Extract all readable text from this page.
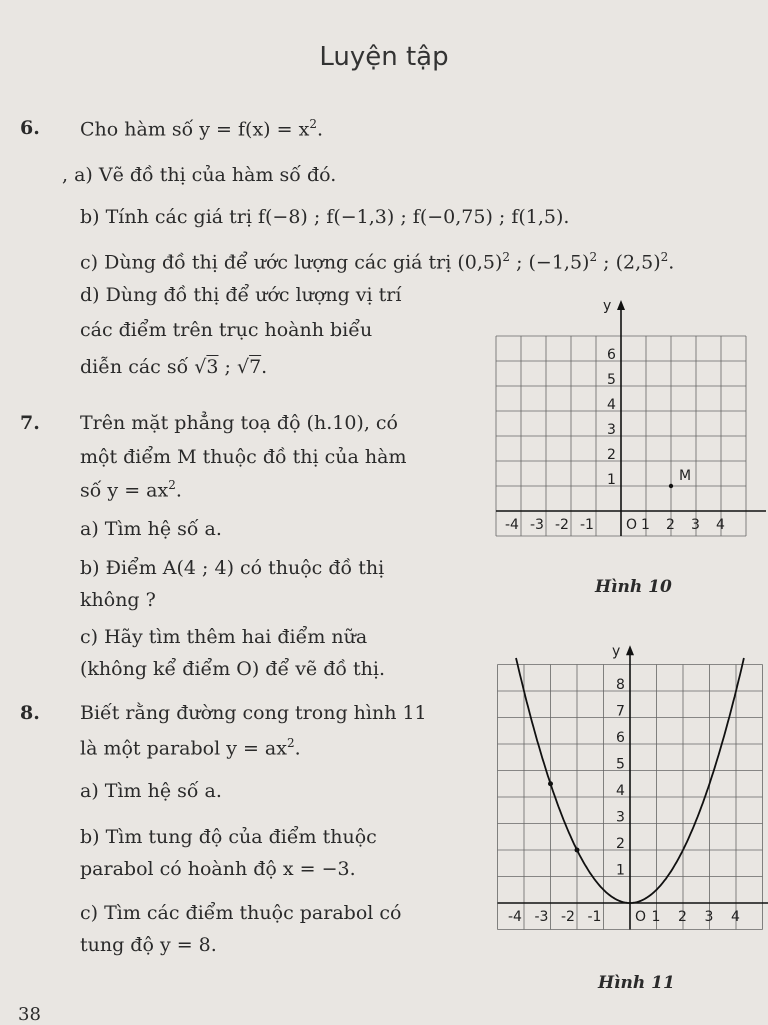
Luyện tập
6. Cho hàm số $y = f(x) = x^2$.
, a) Vẽ đồ thị của hàm số đó.
b) Tính các giá trị f(−8) ; f(−1,3) ; f(−0,75) ; f(1,5).
c) Dùng đồ thị để ước lượng các giá trị $(0,5)^2$ ; $(-1,5)^2$ ; $(2,5)^2$.
d) Dùng đồ thị để ước lượng vị trí
các điểm trên trục hoành biểu
diễn các số √3 ; √7.
7. Trên mặt phẳng toạ độ (h.10), có
một điểm M thuộc đồ thị của hàm
số $y = ax^2$.
a) Tìm hệ số a.
b) Điểm A(4 ; 4) có thuộc đồ thị
không ?
c) Hãy tìm thêm hai điểm nữa
(không kể điểm O) để vẽ đồ thị.
8. Biết rằng đường cong trong hình 11
là một parabol $y = ax^2$.
a) Tìm hệ số a.
b) Tìm tung độ của điểm thuộc
parabol có hoành độ x = −3.
c) Tìm các điểm thuộc parabol có
tung độ y = 8.
y
O
-4 -3 -2 -1	1 2 3 4
1
2
3
4
5
6
M
Hình 10
y
O
-4 -3 -2 -1	1 2 3 4
1
2
3
4
5
6
7
8
Hình 11
38
